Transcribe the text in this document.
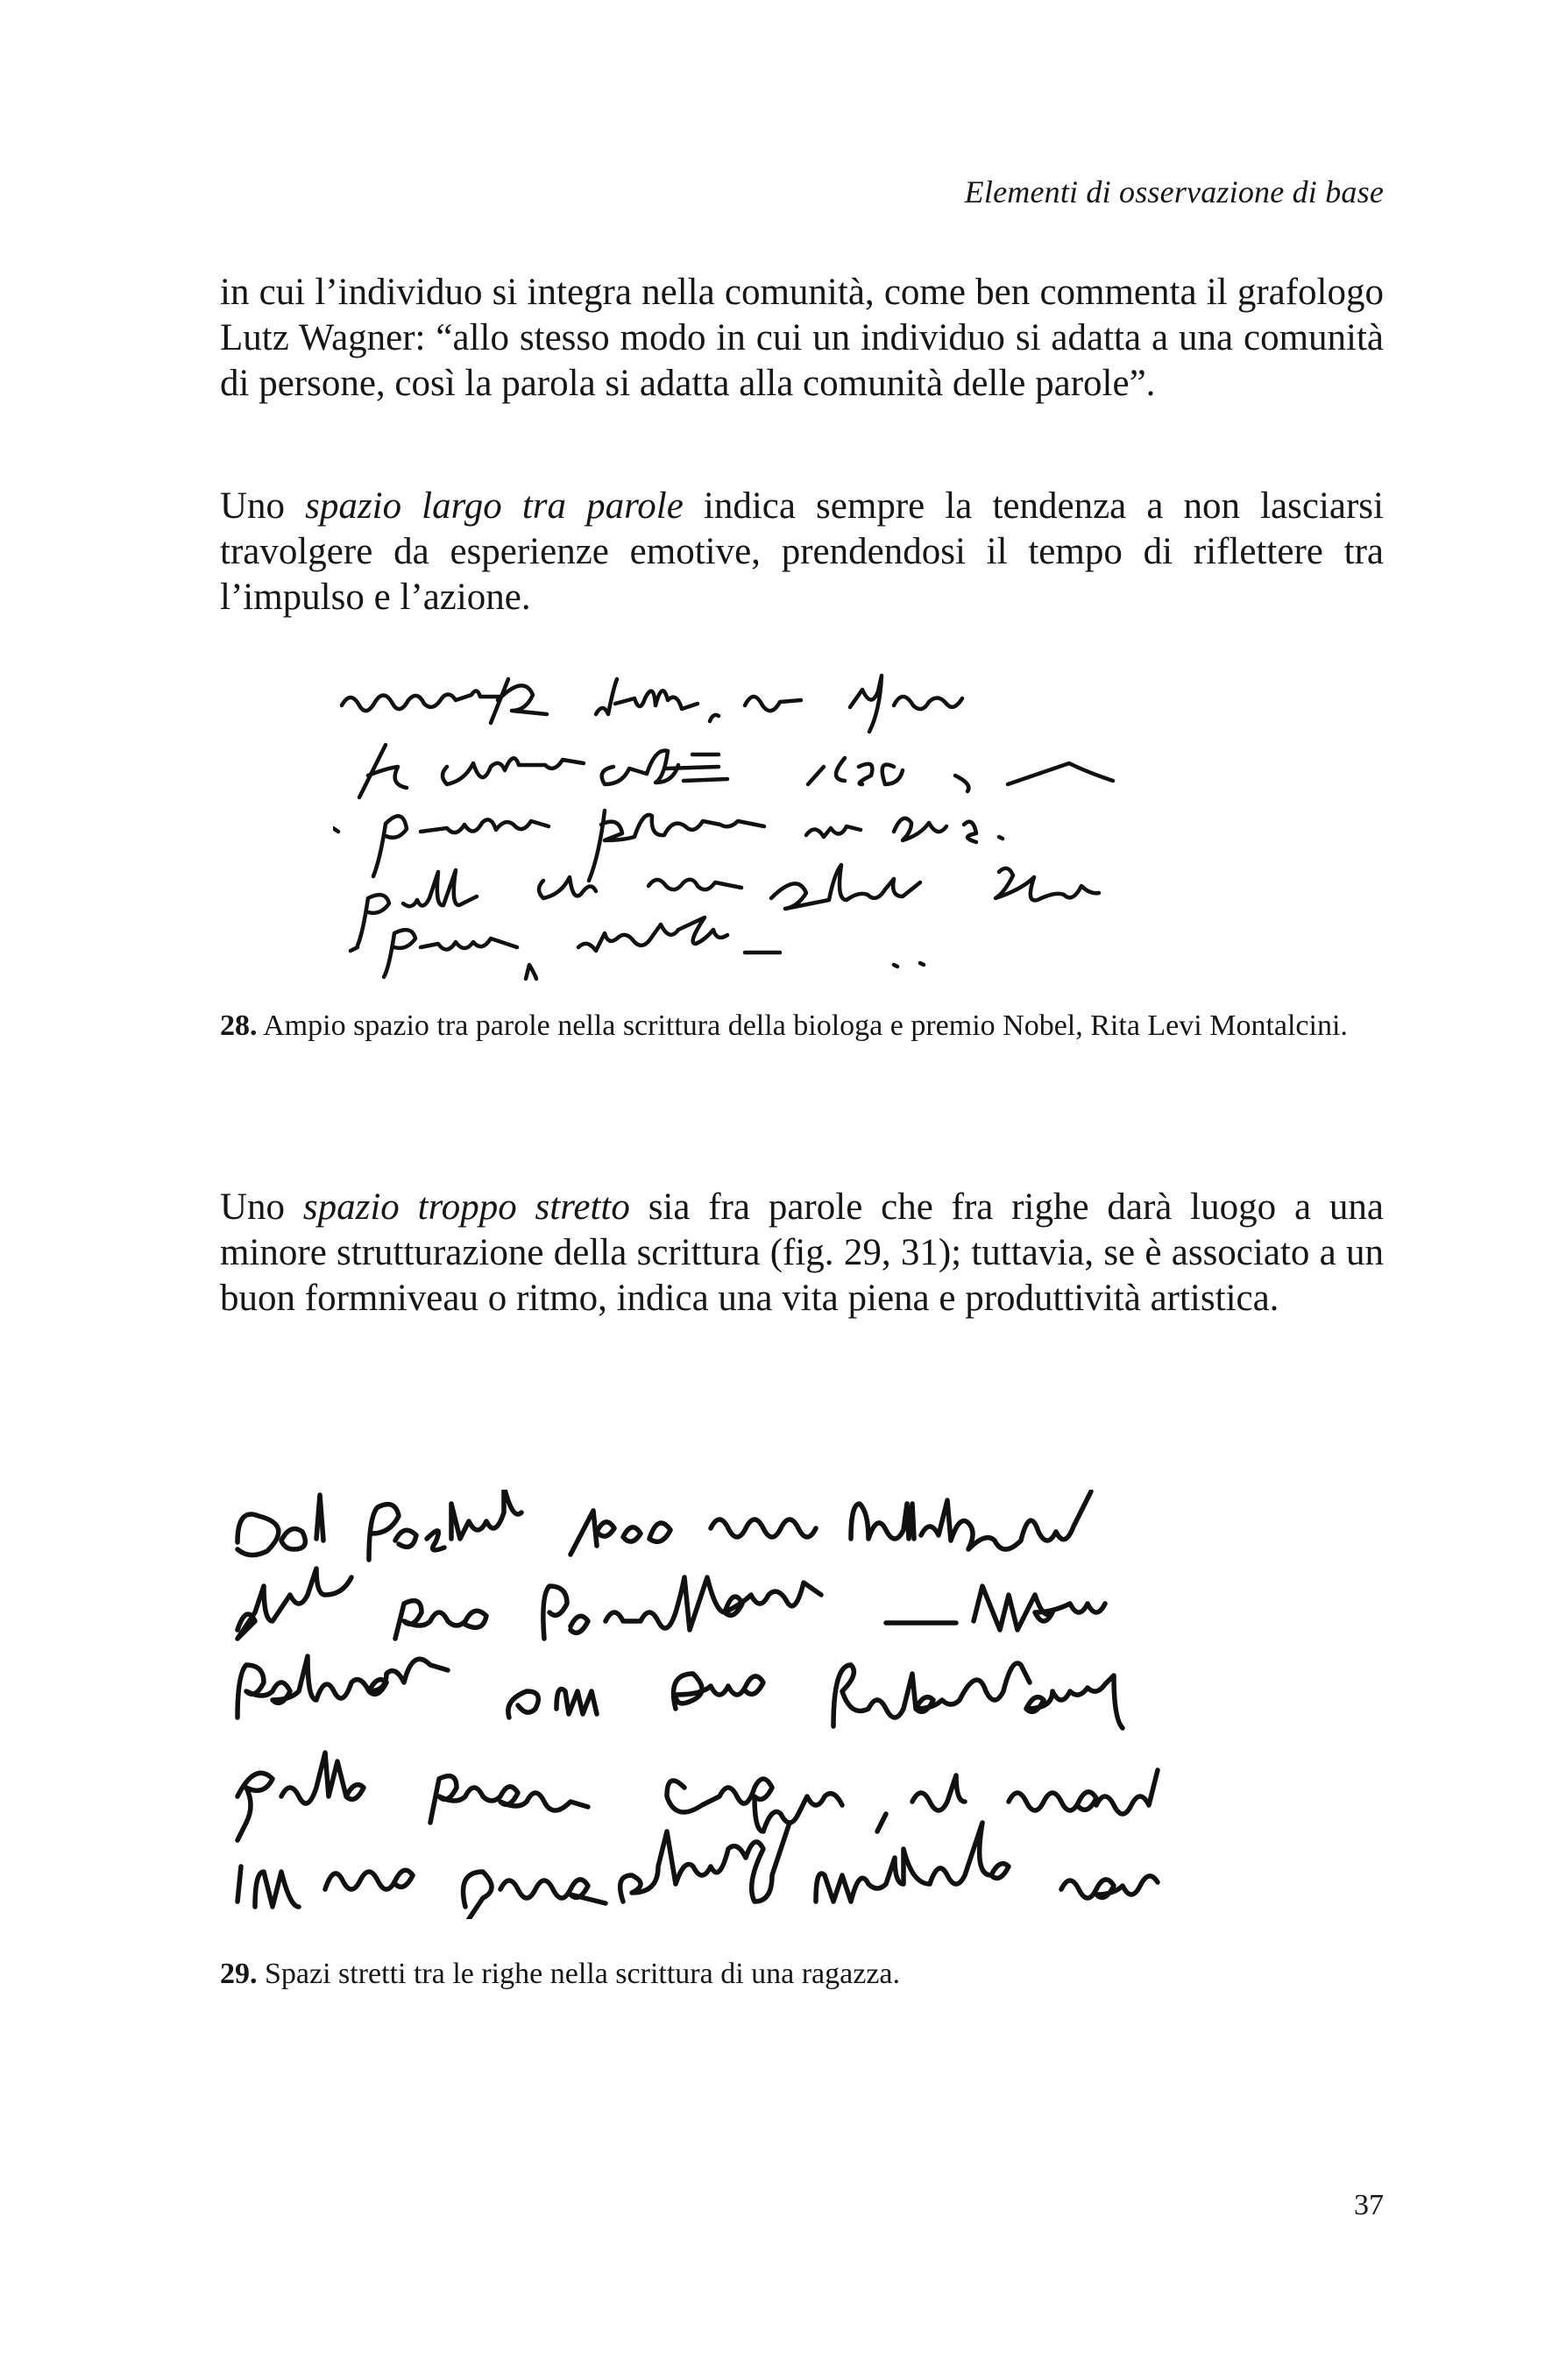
Elementi di osservazione di base

in cui l’individuo si integra nella comunità, come ben commenta il grafologo Lutz Wagner: “allo stesso modo in cui un individuo si adatta a una comunità di persone, così la parola si adatta alla comunità delle parole”.

Uno spazio largo tra parole indica sempre la tendenza a non lasciarsi travolgere da esperienze emotive, prendendosi il tempo di riflettere tra l’impulso e l’azione.

28. Ampio spazio tra parole nella scrittura della biologa e premio Nobel, Rita Levi Montalcini.

Uno spazio troppo stretto sia fra parole che fra righe darà luogo a una minore strutturazione della scrittura (fig. 29, 31); tuttavia, se è associato a un buon formniveau o ritmo, indica una vita piena e produttività artistica.

29. Spazi stretti tra le righe nella scrittura di una ragazza.

37
